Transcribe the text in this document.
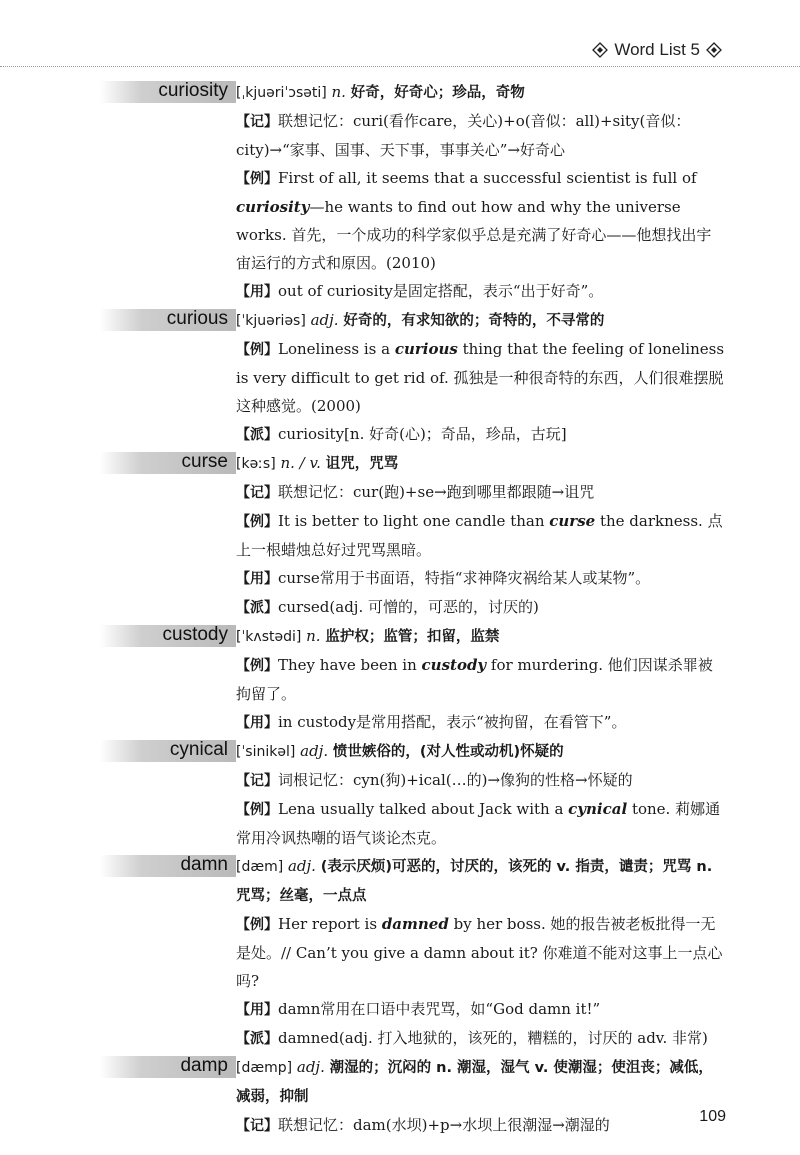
Word List 5
curiosity [ˌkjuəriˈɔsəti] n. 好奇，好奇心；珍品，奇物
【记】联想记忆：curi(看作care，关心)+o(音似：all)+sity(音似：city)→“家事、国事、天下事，事事关心”→好奇心
【例】First of all, it seems that a successful scientist is full of curiosity—he wants to find out how and why the universe works. 首先，一个成功的科学家似乎总是充满了好奇心——他想找出宇宙运行的方式和原因。(2010)
【用】out of curiosity是固定搭配，表示“出于好奇”。
curious [ˈkjuəriəs] adj. 好奇的，有求知欲的；奇特的，不寻常的
【例】Loneliness is a curious thing that the feeling of loneliness is very difficult to get rid of. 孤独是一种很奇特的东西，人们很难摆脱这种感觉。(2000)
【派】curiosity[n. 好奇(心)；奇品，珍品，古玩]
curse [kəːs] n. / v. 诅咒，咒骂
【记】联想记忆：cur(跑)+se→跑到哪里都跟随→诅咒
【例】It is better to light one candle than curse the darkness. 点上一根蜡烛总好过咒骂黑暗。
【用】curse常用于书面语，特指“求神降灾祸给某人或某物”。
【派】cursed(adj. 可憎的，可恶的，讨厌的)
custody [ˈkʌstədi] n. 监护权；监管；扣留，监禁
【例】They have been in custody for murdering. 他们因谋杀罪被拘留了。
【用】in custody是常用搭配，表示“被拘留，在看管下”。
cynical [ˈsinikəl] adj. 愤世嫉俗的，(对人性或动机)怀疑的
【记】词根记忆：cyn(狗)+ical(…的)→像狗的性格→怀疑的
【例】Lena usually talked about Jack with a cynical tone. 莉娜通常用冷讽热嘲的语气谈论杰克。
damn [dæm] adj. (表示厌烦)可恶的，讨厌的，该死的 v. 指责，谴责；咒骂 n. 咒骂；丝毫，一点点
【例】Her report is damned by her boss. 她的报告被老板批得一无是处。// Can’t you give a damn about it? 你难道不能对这事上一点心吗?
【用】damn常用在口语中表咒骂，如“God damn it!”
【派】damned(adj. 打入地狱的，该死的，糟糕的，讨厌的 adv. 非常)
damp [dæmp] adj. 潮湿的；沉闷的 n. 潮湿，湿气 v. 使潮湿；使沮丧；减低，减弱，抑制
【记】联想记忆：dam(水坝)+p→水坝上很潮湿→潮湿的	109
